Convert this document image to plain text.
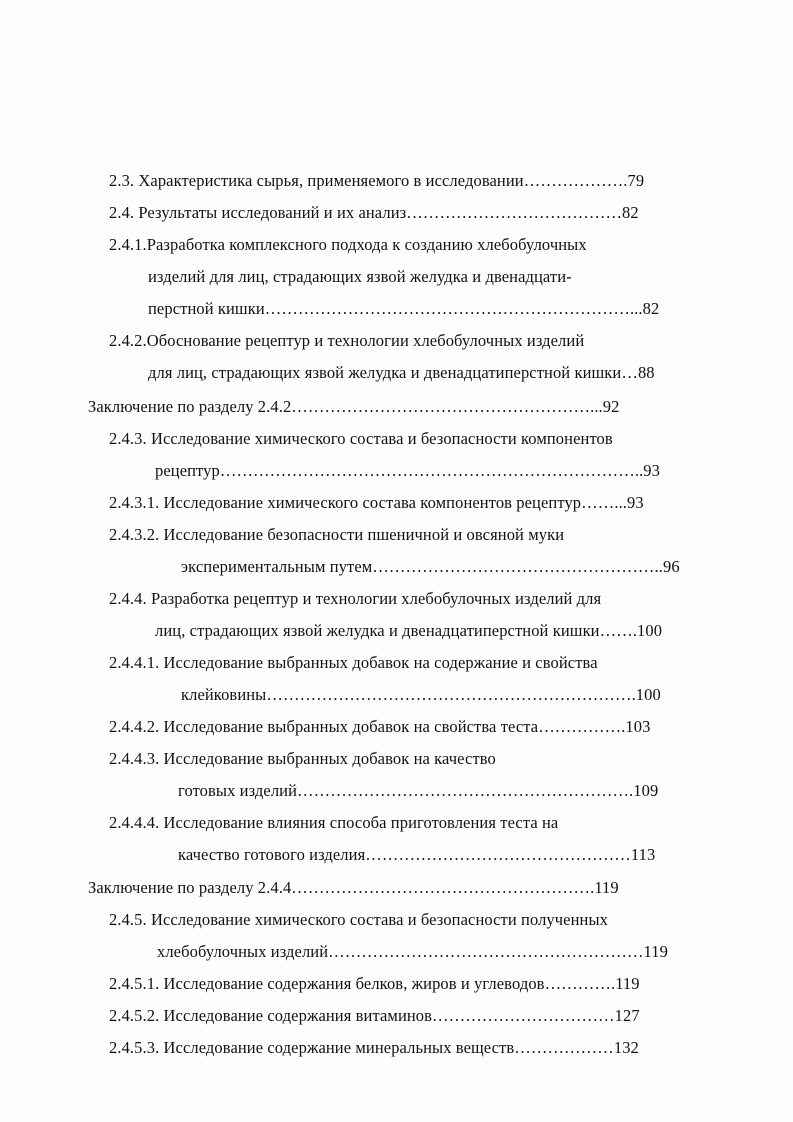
2.3. Характеристика сырья, применяемого в исследовании……………….79
2.4. Результаты исследований и их анализ…………………………………82
2.4.1.Разработка комплексного подхода к созданию хлебобулочных
изделий для лиц, страдающих язвой желудка и двенадцати-
перстной кишки…………………………………………………………...82
2.4.2.Обоснование рецептур и технологии хлебобулочных изделий
для лиц, страдающих язвой желудка и двенадцатиперстной кишки…88
Заключение по разделу 2.4.2………………………………………………...92
2.4.3. Исследование химического состава и безопасности компонентов
рецептур…………………………………………………………………..93
2.4.3.1. Исследование химического состава компонентов рецептур……...93
2.4.3.2. Исследование безопасности пшеничной и овсяной муки
экспериментальным путем……………………………………………..96
2.4.4. Разработка рецептур и технологии хлебобулочных изделий для
лиц, страдающих язвой желудка и двенадцатиперстной кишки…….100
2.4.4.1. Исследование выбранных добавок на содержание и свойства
клейковины………………………………………………………….100
2.4.4.2. Исследование выбранных добавок на свойства теста…………….103
2.4.4.3. Исследование выбранных добавок на качество
готовых изделий…………………………………………………….109
2.4.4.4. Исследование влияния способа приготовления теста на
качество готового изделия…………………………………………113
Заключение по разделу 2.4.4……………………………………………….119
2.4.5. Исследование химического состава и безопасности полученных
хлебобулочных изделий…………………………………………………119
2.4.5.1. Исследование содержания белков, жиров и углеводов………….119
2.4.5.2. Исследование содержания витаминов……………………………127
2.4.5.3. Исследование содержание минеральных веществ………………132
